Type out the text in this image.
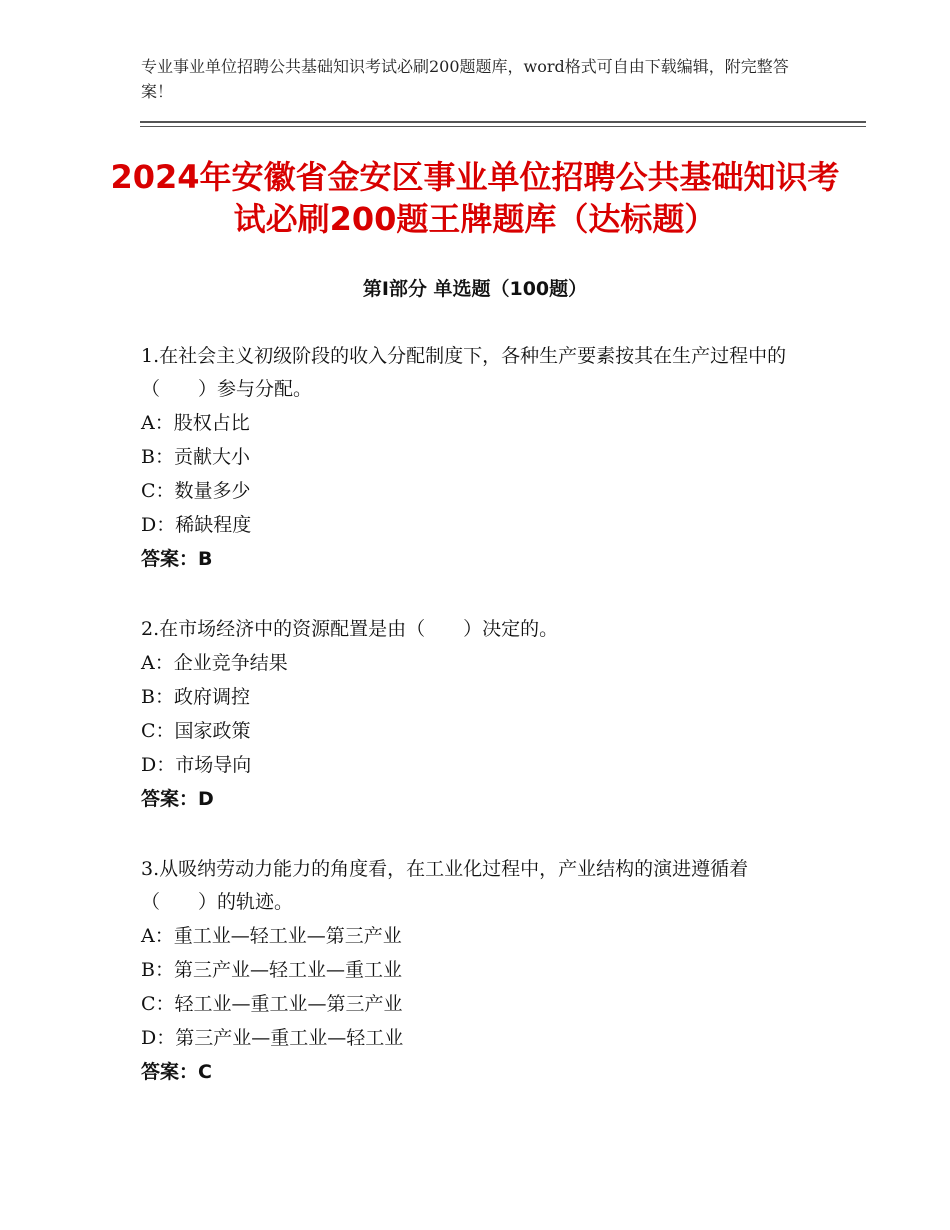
专业事业单位招聘公共基础知识考试必刷200题题库，word格式可自由下载编辑，附完整答案！
2024年安徽省金安区事业单位招聘公共基础知识考试必刷200题王牌题库（达标题）
第Ⅰ部分 单选题（100题）
1.在社会主义初级阶段的收入分配制度下，各种生产要素按其在生产过程中的（　　）参与分配。
A：股权占比
B：贡献大小
C：数量多少
D：稀缺程度
答案：B
2.在市场经济中的资源配置是由（　　）决定的。
A：企业竞争结果
B：政府调控
C：国家政策
D：市场导向
答案：D
3.从吸纳劳动力能力的角度看，在工业化过程中，产业结构的演进遵循着（　　）的轨迹。
A：重工业—轻工业—第三产业
B：第三产业—轻工业—重工业
C：轻工业—重工业—第三产业
D：第三产业—重工业—轻工业
答案：C
